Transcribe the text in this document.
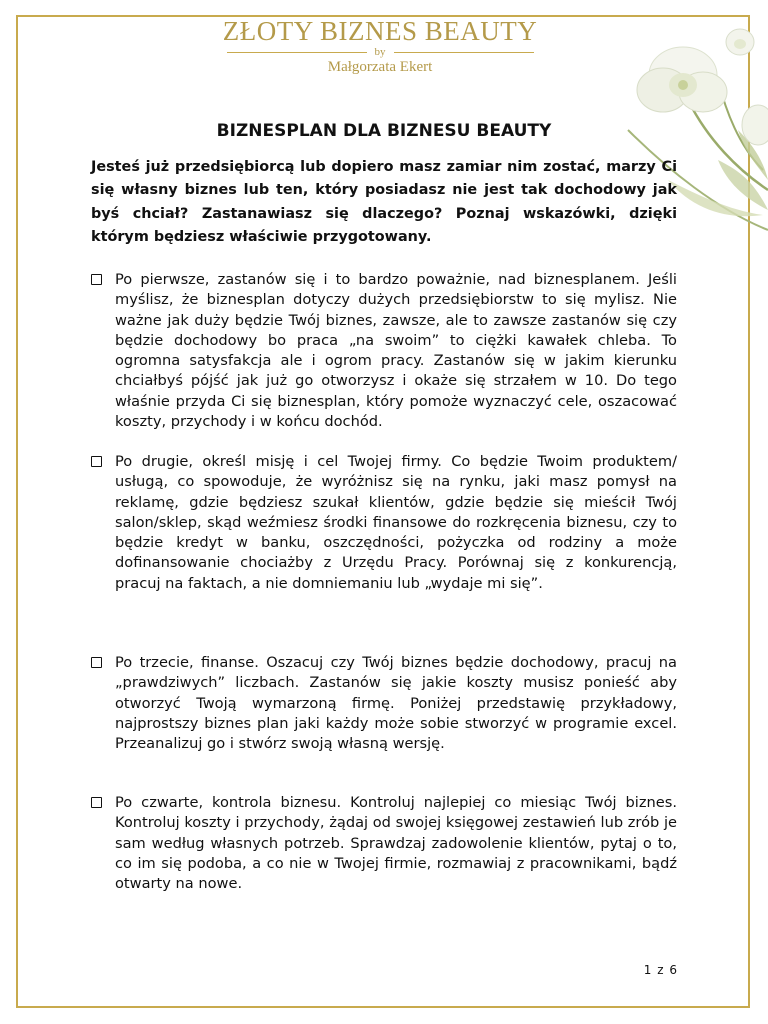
ZŁOTY BIZNES BEAUTY
by
Małgorzata Ekert
BIZNESPLAN DLA BIZNESU BEAUTY
Jesteś już przedsiębiorcą lub dopiero masz zamiar nim zostać, marzy Ci się własny biznes lub ten, który posiadasz nie jest tak dochodowy jak byś chciał? Zastanawiasz się dlaczego? Poznaj wskazówki, dzięki którym będziesz właściwie przygotowany.
Po pierwsze, zastanów się i to bardzo poważnie, nad biznesplanem. Jeśli myślisz, że biznesplan dotyczy dużych przedsiębiorstw to się mylisz. Nie ważne jak duży będzie Twój biznes, zawsze, ale to zawsze zastanów się czy będzie dochodowy bo praca „na swoim” to ciężki kawałek chleba. To ogromna satysfakcja ale i ogrom pracy. Zastanów się w jakim kierunku chciałbyś pójść jak już go otworzysz i okaże się strzałem w 10. Do tego właśnie przyda Ci się biznesplan, który pomoże wyznaczyć cele, oszacować koszty, przychody i w końcu dochód.
Po drugie, określ misję i cel Twojej firmy. Co będzie Twoim produktem/ usługą, co spowoduje, że wyróżnisz się na rynku, jaki masz pomysł na reklamę, gdzie będziesz szukał klientów, gdzie będzie się mieścił Twój salon/sklep, skąd weźmiesz środki finansowe do rozkręcenia biznesu, czy to będzie kredyt w banku, oszczędności, pożyczka od rodziny a może dofinansowanie chociażby z Urzędu Pracy. Porównaj się z konkurencją, pracuj na faktach, a nie domniemaniu lub „wydaje mi się”.
Po trzecie, finanse. Oszacuj czy Twój biznes będzie dochodowy, pracuj na „prawdziwych” liczbach. Zastanów się jakie koszty musisz ponieść aby otworzyć Twoją wymarzoną firmę. Poniżej przedstawię przykładowy, najprostszy biznes plan jaki każdy może sobie stworzyć w programie excel. Przeanalizuj go i stwórz swoją własną wersję.
Po czwarte, kontrola biznesu. Kontroluj najlepiej co miesiąc Twój biznes. Kontroluj koszty i przychody, żądaj od swojej księgowej zestawień lub zrób je sam według własnych potrzeb. Sprawdzaj zadowolenie klientów, pytaj o to, co im się podoba, a co nie w Twojej firmie, rozmawiaj z pracownikami, bądź otwarty na nowe.
1 z 6
